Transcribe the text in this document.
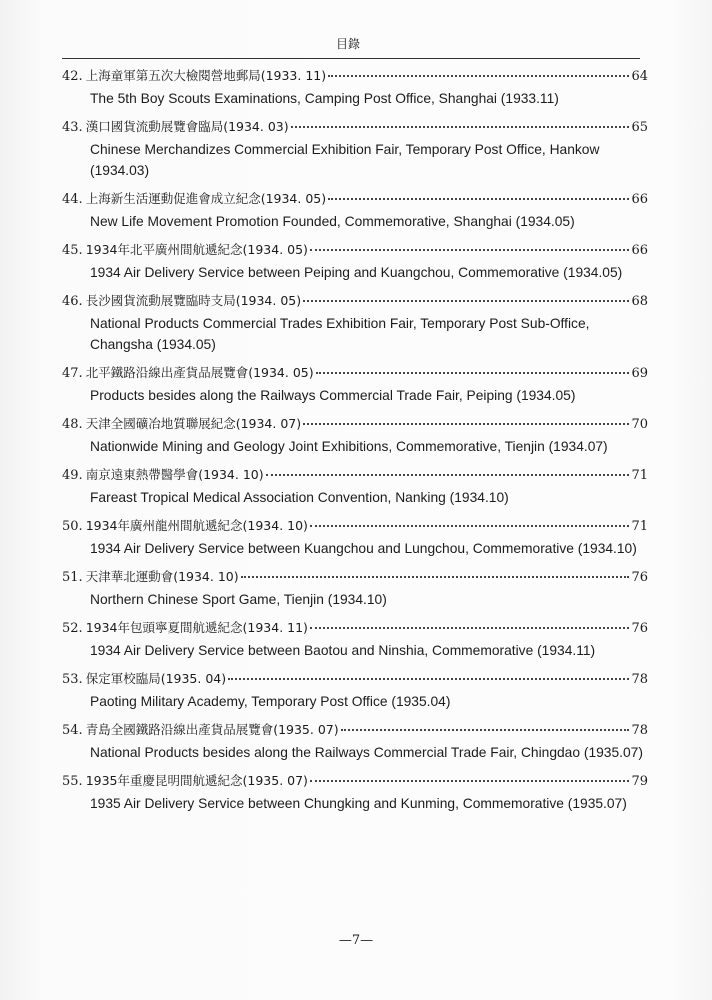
目錄
42. 上海童軍第五次大檢閱營地郵局(1933. 11)	64
The 5th Boy Scouts Examinations, Camping Post Office, Shanghai (1933.11)
43. 漢口國貨流動展覽會臨局(1934. 03)	65
Chinese Merchandizes Commercial Exhibition Fair, Temporary Post Office, Hankow (1934.03)
44. 上海新生活運動促進會成立紀念(1934. 05)	66
New Life Movement Promotion Founded, Commemorative, Shanghai (1934.05)
45. 1934年北平廣州間航遞紀念(1934. 05)	66
1934 Air Delivery Service between Peiping and Kuangchou, Commemorative (1934.05)
46. 長沙國貨流動展覽臨時支局(1934. 05)	68
National Products Commercial Trades Exhibition Fair, Temporary Post Sub-Office, Changsha (1934.05)
47. 北平鐵路沿線出產貨品展覽會(1934. 05)	69
Products besides along the Railways Commercial Trade Fair, Peiping (1934.05)
48. 天津全國礦冶地質聯展紀念(1934. 07)	70
Nationwide Mining and Geology Joint Exhibitions, Commemorative, Tienjin (1934.07)
49. 南京遠東熱帶醫學會(1934. 10)	71
Fareast Tropical Medical Association Convention, Nanking (1934.10)
50. 1934年廣州龍州間航遞紀念(1934. 10)	71
1934 Air Delivery Service between Kuangchou and Lungchou, Commemorative (1934.10)
51. 天津華北運動會(1934. 10)	76
Northern Chinese Sport Game, Tienjin (1934.10)
52. 1934年包頭寧夏間航遞紀念(1934. 11)	76
1934 Air Delivery Service between Baotou and Ninshia, Commemorative (1934.11)
53. 保定軍校臨局(1935. 04)	78
Paoting Military Academy, Temporary Post Office (1935.04)
54. 青島全國鐵路沿線出產貨品展覽會(1935. 07)	78
National Products besides along the Railways Commercial Trade Fair, Chingdao (1935.07)
55. 1935年重慶昆明間航遞紀念(1935. 07)	79
1935 Air Delivery Service between Chungking and Kunming, Commemorative (1935.07)
—7—
